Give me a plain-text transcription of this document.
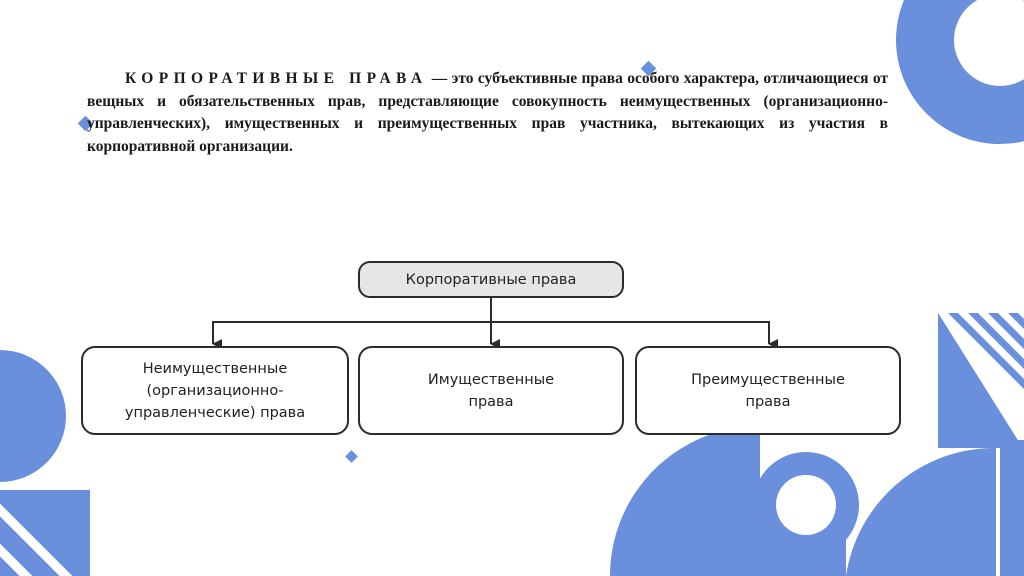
КОРПОРАТИВНЫЕ ПРАВА — это субъективные права особого характера, отличающиеся от вещных и обязательственных прав, представляющие совокупность неимущественных (организационно-управленческих), имущественных и преимущественных прав участника, вытекающих из участия в корпоративной организации.

Корпоративные права
Неимущественные
(организационно-
управленческие) права
Имущественные
права
Преимущественные
права
